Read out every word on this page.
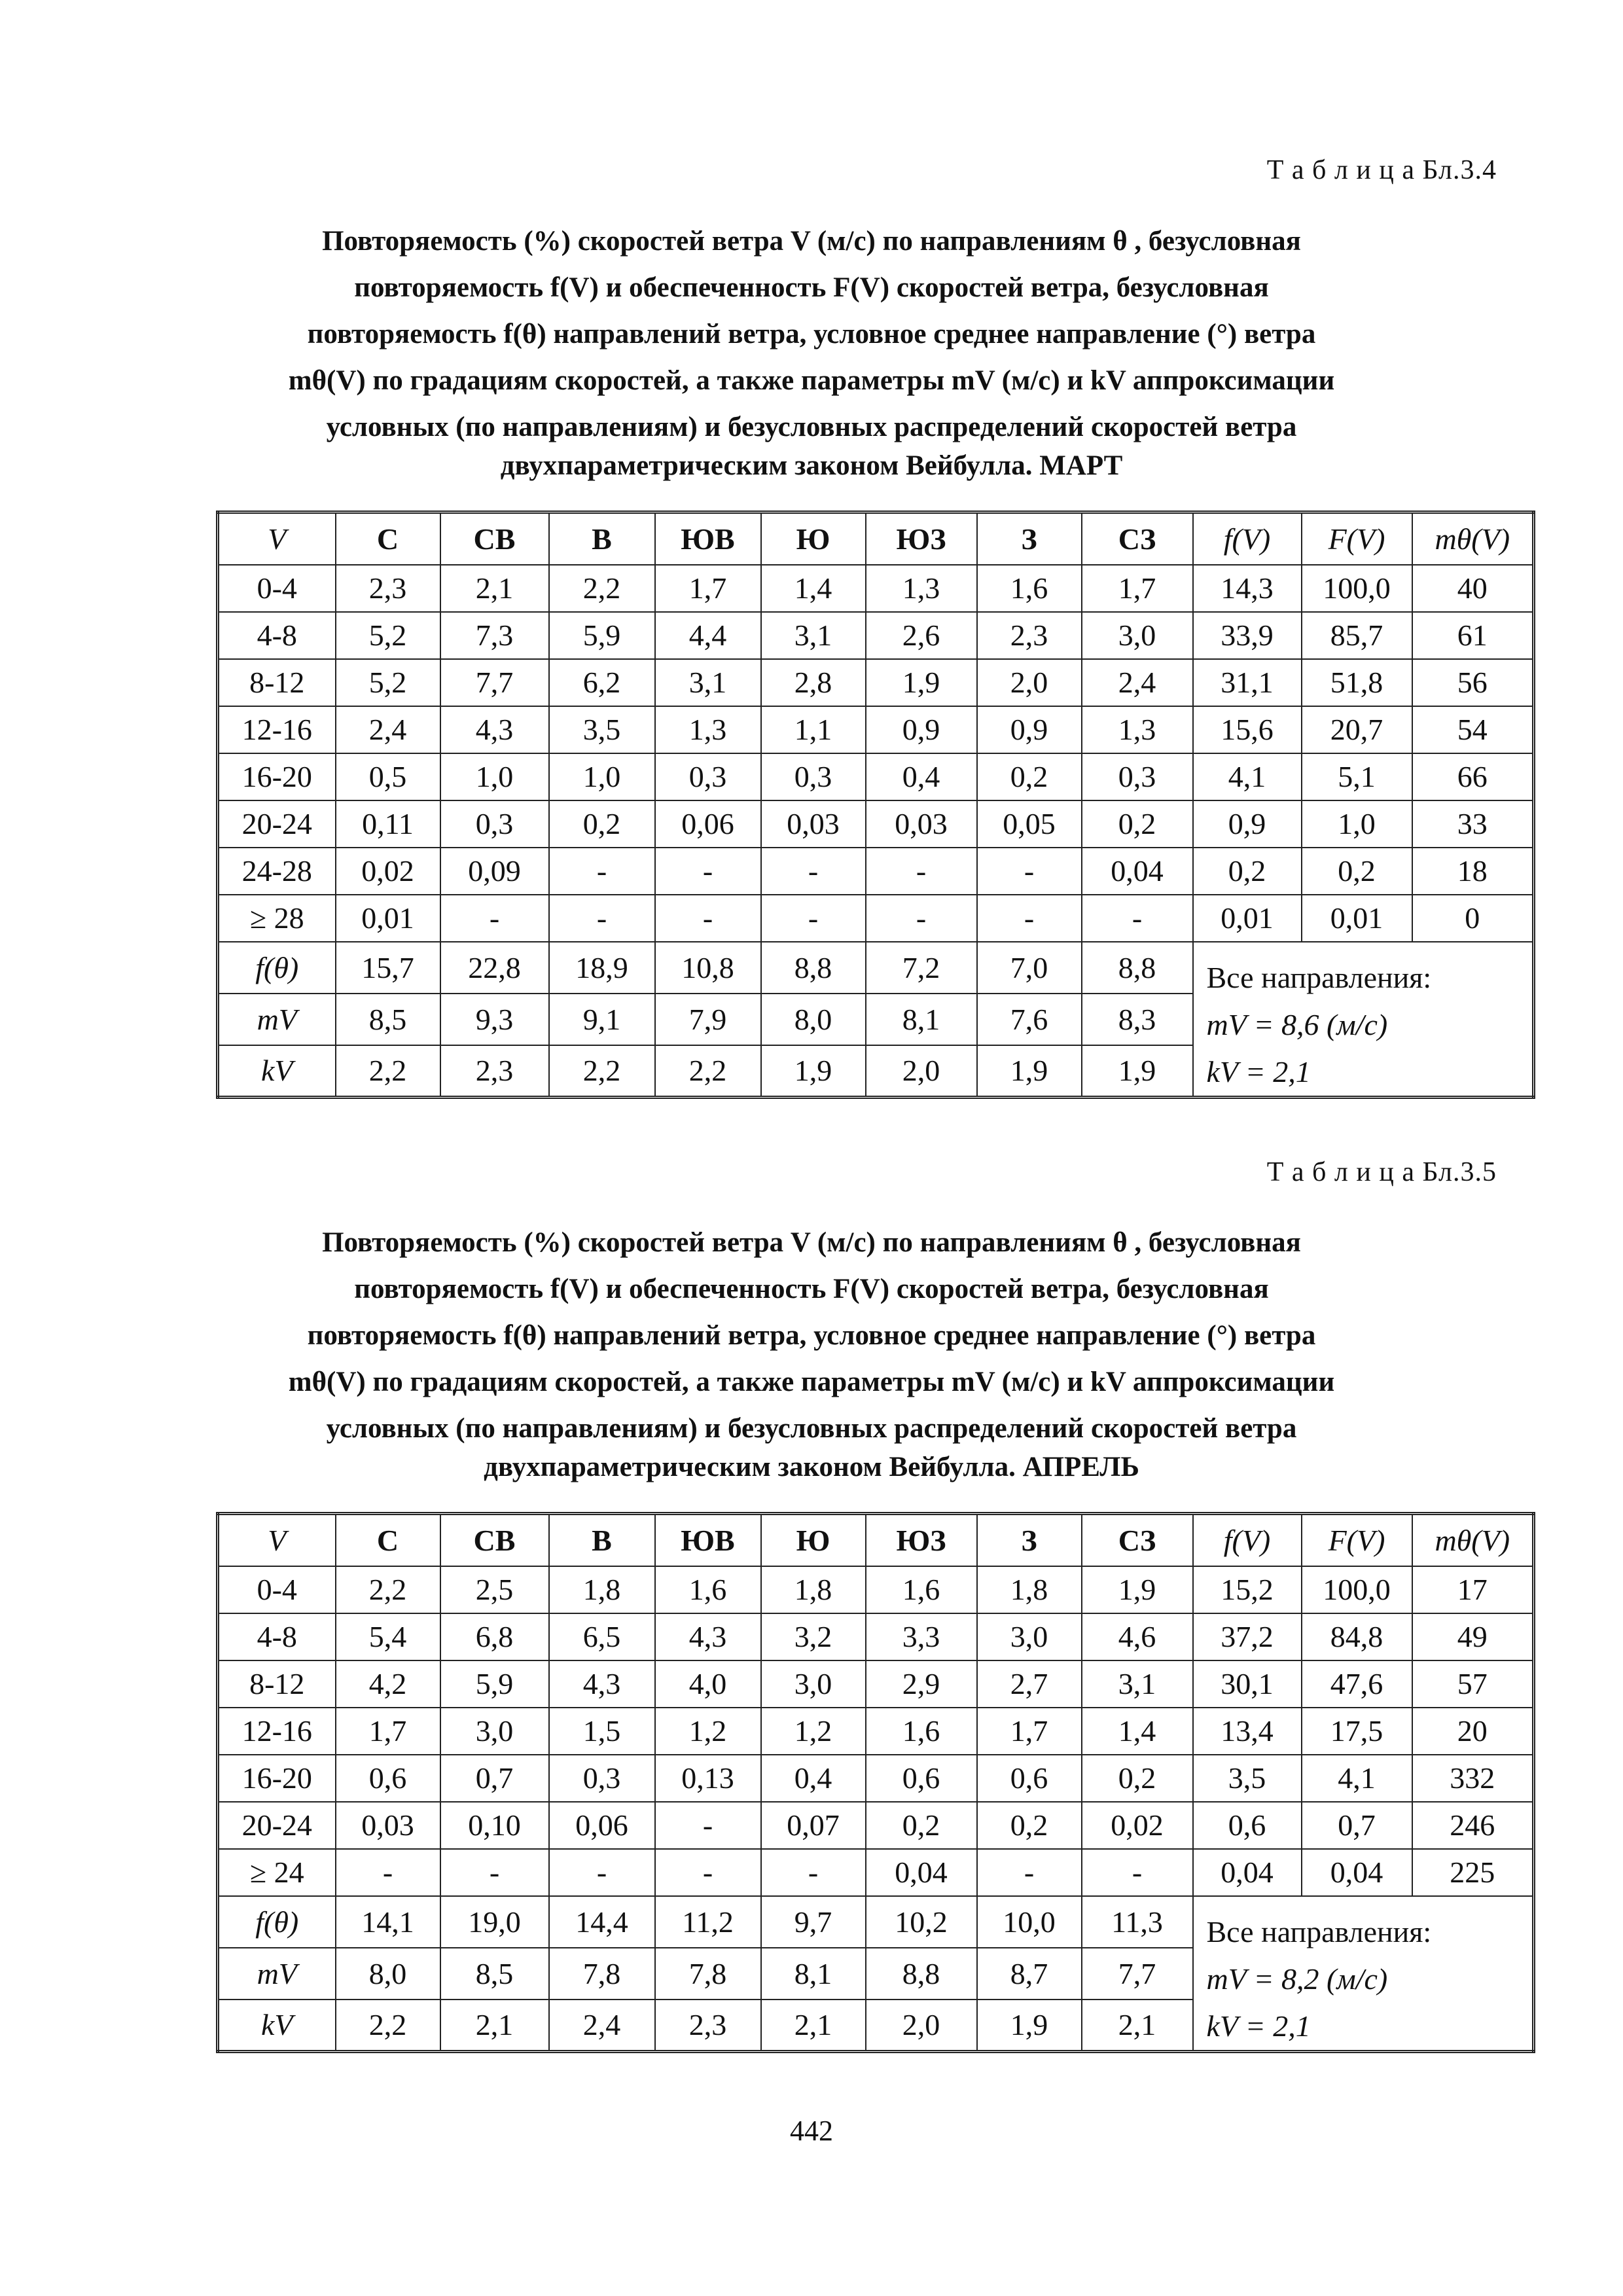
Т а б л и ц а Бл.3.4
Повторяемость (%) скоростей ветра V (м/с) по направлениям θ , безусловная
повторяемость f(V) и обеспеченность F(V) скоростей ветра, безусловная
повторяемость f(θ) направлений ветра, условное среднее направление (°) ветра
mθ(V) по градациям скоростей, а также параметры mV (м/с) и kV аппроксимации
условных (по направлениям) и безусловных распределений скоростей ветра
двухпараметрическим законом Вейбулла. МАРТ
V	С	СВ	В	ЮВ	Ю	ЮЗ	З	СЗ	f(V)	F(V)	mθ(V)
0-4	2,3	2,1	2,2	1,7	1,4	1,3	1,6	1,7	14,3	100,0	40
4-8	5,2	7,3	5,9	4,4	3,1	2,6	2,3	3,0	33,9	85,7	61
8-12	5,2	7,7	6,2	3,1	2,8	1,9	2,0	2,4	31,1	51,8	56
12-16	2,4	4,3	3,5	1,3	1,1	0,9	0,9	1,3	15,6	20,7	54
16-20	0,5	1,0	1,0	0,3	0,3	0,4	0,2	0,3	4,1	5,1	66
20-24	0,11	0,3	0,2	0,06	0,03	0,03	0,05	0,2	0,9	1,0	33
24-28	0,02	0,09	-	-	-	-	-	0,04	0,2	0,2	18
≥ 28	0,01	-	-	-	-	-	-	-	0,01	0,01	0
f(θ)	15,7	22,8	18,9	10,8	8,8	7,2	7,0	8,8	Все направления:
mV = 8,6 (м/с)
kV = 2,1		

mV	8,5	9,3	9,1	7,9	8,0	8,1	7,6	8,3			
kV	2,2	2,3	2,2	2,2	1,9	2,0	1,9	1,9			
Т а б л и ц а Бл.3.5
Повторяемость (%) скоростей ветра V (м/с) по направлениям θ , безусловная
повторяемость f(V) и обеспеченность F(V) скоростей ветра, безусловная
повторяемость f(θ) направлений ветра, условное среднее направление (°) ветра
mθ(V) по градациям скоростей, а также параметры mV (м/с) и kV аппроксимации
условных (по направлениям) и безусловных распределений скоростей ветра
двухпараметрическим законом Вейбулла. АПРЕЛЬ
V	С	СВ	В	ЮВ	Ю	ЮЗ	З	СЗ	f(V)	F(V)	mθ(V)
0-4	2,2	2,5	1,8	1,6	1,8	1,6	1,8	1,9	15,2	100,0	17
4-8	5,4	6,8	6,5	4,3	3,2	3,3	3,0	4,6	37,2	84,8	49
8-12	4,2	5,9	4,3	4,0	3,0	2,9	2,7	3,1	30,1	47,6	57
12-16	1,7	3,0	1,5	1,2	1,2	1,6	1,7	1,4	13,4	17,5	20
16-20	0,6	0,7	0,3	0,13	0,4	0,6	0,6	0,2	3,5	4,1	332
20-24	0,03	0,10	0,06	-	0,07	0,2	0,2	0,02	0,6	0,7	246
≥ 24	-	-	-	-	-	0,04	-	-	0,04	0,04	225
f(θ)	14,1	19,0	14,4	11,2	9,7	10,2	10,0	11,3	Все направления:
mV = 8,2 (м/с)
kV = 2,1		

mV	8,0	8,5	7,8	7,8	8,1	8,8	8,7	7,7			
kV	2,2	2,1	2,4	2,3	2,1	2,0	1,9	2,1			
442
